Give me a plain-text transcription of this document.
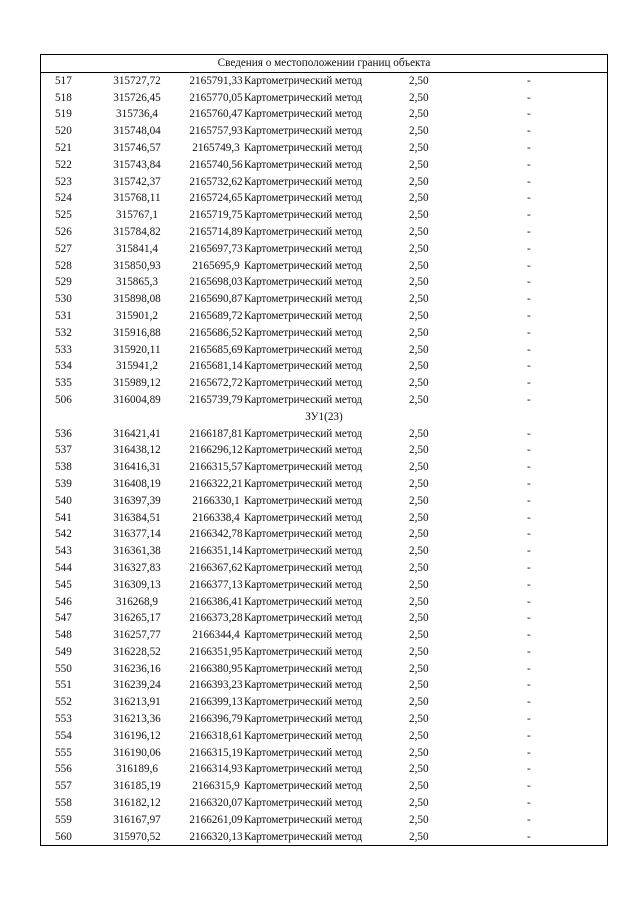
Сведения о местоположении границ объекта
517	315727,72	2165791,33 Картометрический метод	2,50	-
518	315726,45	2165770,05 Картометрический метод	2,50	-
519	315736,4	2165760,47 Картометрический метод	2,50	-
520	315748,04	2165757,93 Картометрический метод	2,50	-
521	315746,57	2165749,3 Картометрический метод	2,50	-
522	315743,84	2165740,56 Картометрический метод	2,50	-
523	315742,37	2165732,62 Картометрический метод	2,50	-
524	315768,11	2165724,65 Картометрический метод	2,50	-
525	315767,1	2165719,75 Картометрический метод	2,50	-
526	315784,82	2165714,89 Картометрический метод	2,50	-
527	315841,4	2165697,73 Картометрический метод	2,50	-
528	315850,93	2165695,9 Картометрический метод	2,50	-
529	315865,3	2165698,03 Картометрический метод	2,50	-
530	315898,08	2165690,87 Картометрический метод	2,50	-
531	315901,2	2165689,72 Картометрический метод	2,50	-
532	315916,88	2165686,52 Картометрический метод	2,50	-
533	315920,11	2165685,69 Картометрический метод	2,50	-
534	315941,2	2165681,14 Картометрический метод	2,50	-
535	315989,12	2165672,72 Картометрический метод	2,50	-
506	316004,89	2165739,79 Картометрический метод	2,50	-
ЗУ1(23)
536	316421,41	2166187,81 Картометрический метод	2,50	-
537	316438,12	2166296,12 Картометрический метод	2,50	-
538	316416,31	2166315,57 Картометрический метод	2,50	-
539	316408,19	2166322,21 Картометрический метод	2,50	-
540	316397,39	2166330,1 Картометрический метод	2,50	-
541	316384,51	2166338,4 Картометрический метод	2,50	-
542	316377,14	2166342,78 Картометрический метод	2,50	-
543	316361,38	2166351,14 Картометрический метод	2,50	-
544	316327,83	2166367,62 Картометрический метод	2,50	-
545	316309,13	2166377,13 Картометрический метод	2,50	-
546	316268,9	2166386,41 Картометрический метод	2,50	-
547	316265,17	2166373,28 Картометрический метод	2,50	-
548	316257,77	2166344,4 Картометрический метод	2,50	-
549	316228,52	2166351,95 Картометрический метод	2,50	-
550	316236,16	2166380,95 Картометрический метод	2,50	-
551	316239,24	2166393,23 Картометрический метод	2,50	-
552	316213,91	2166399,13 Картометрический метод	2,50	-
553	316213,36	2166396,79 Картометрический метод	2,50	-
554	316196,12	2166318,61 Картометрический метод	2,50	-
555	316190,06	2166315,19 Картометрический метод	2,50	-
556	316189,6	2166314,93 Картометрический метод	2,50	-
557	316185,19	2166315,9 Картометрический метод	2,50	-
558	316182,12	2166320,07 Картометрический метод	2,50	-
559	316167,97	2166261,09 Картометрический метод	2,50	-
560	315970,52	2166320,13 Картометрический метод	2,50	-
